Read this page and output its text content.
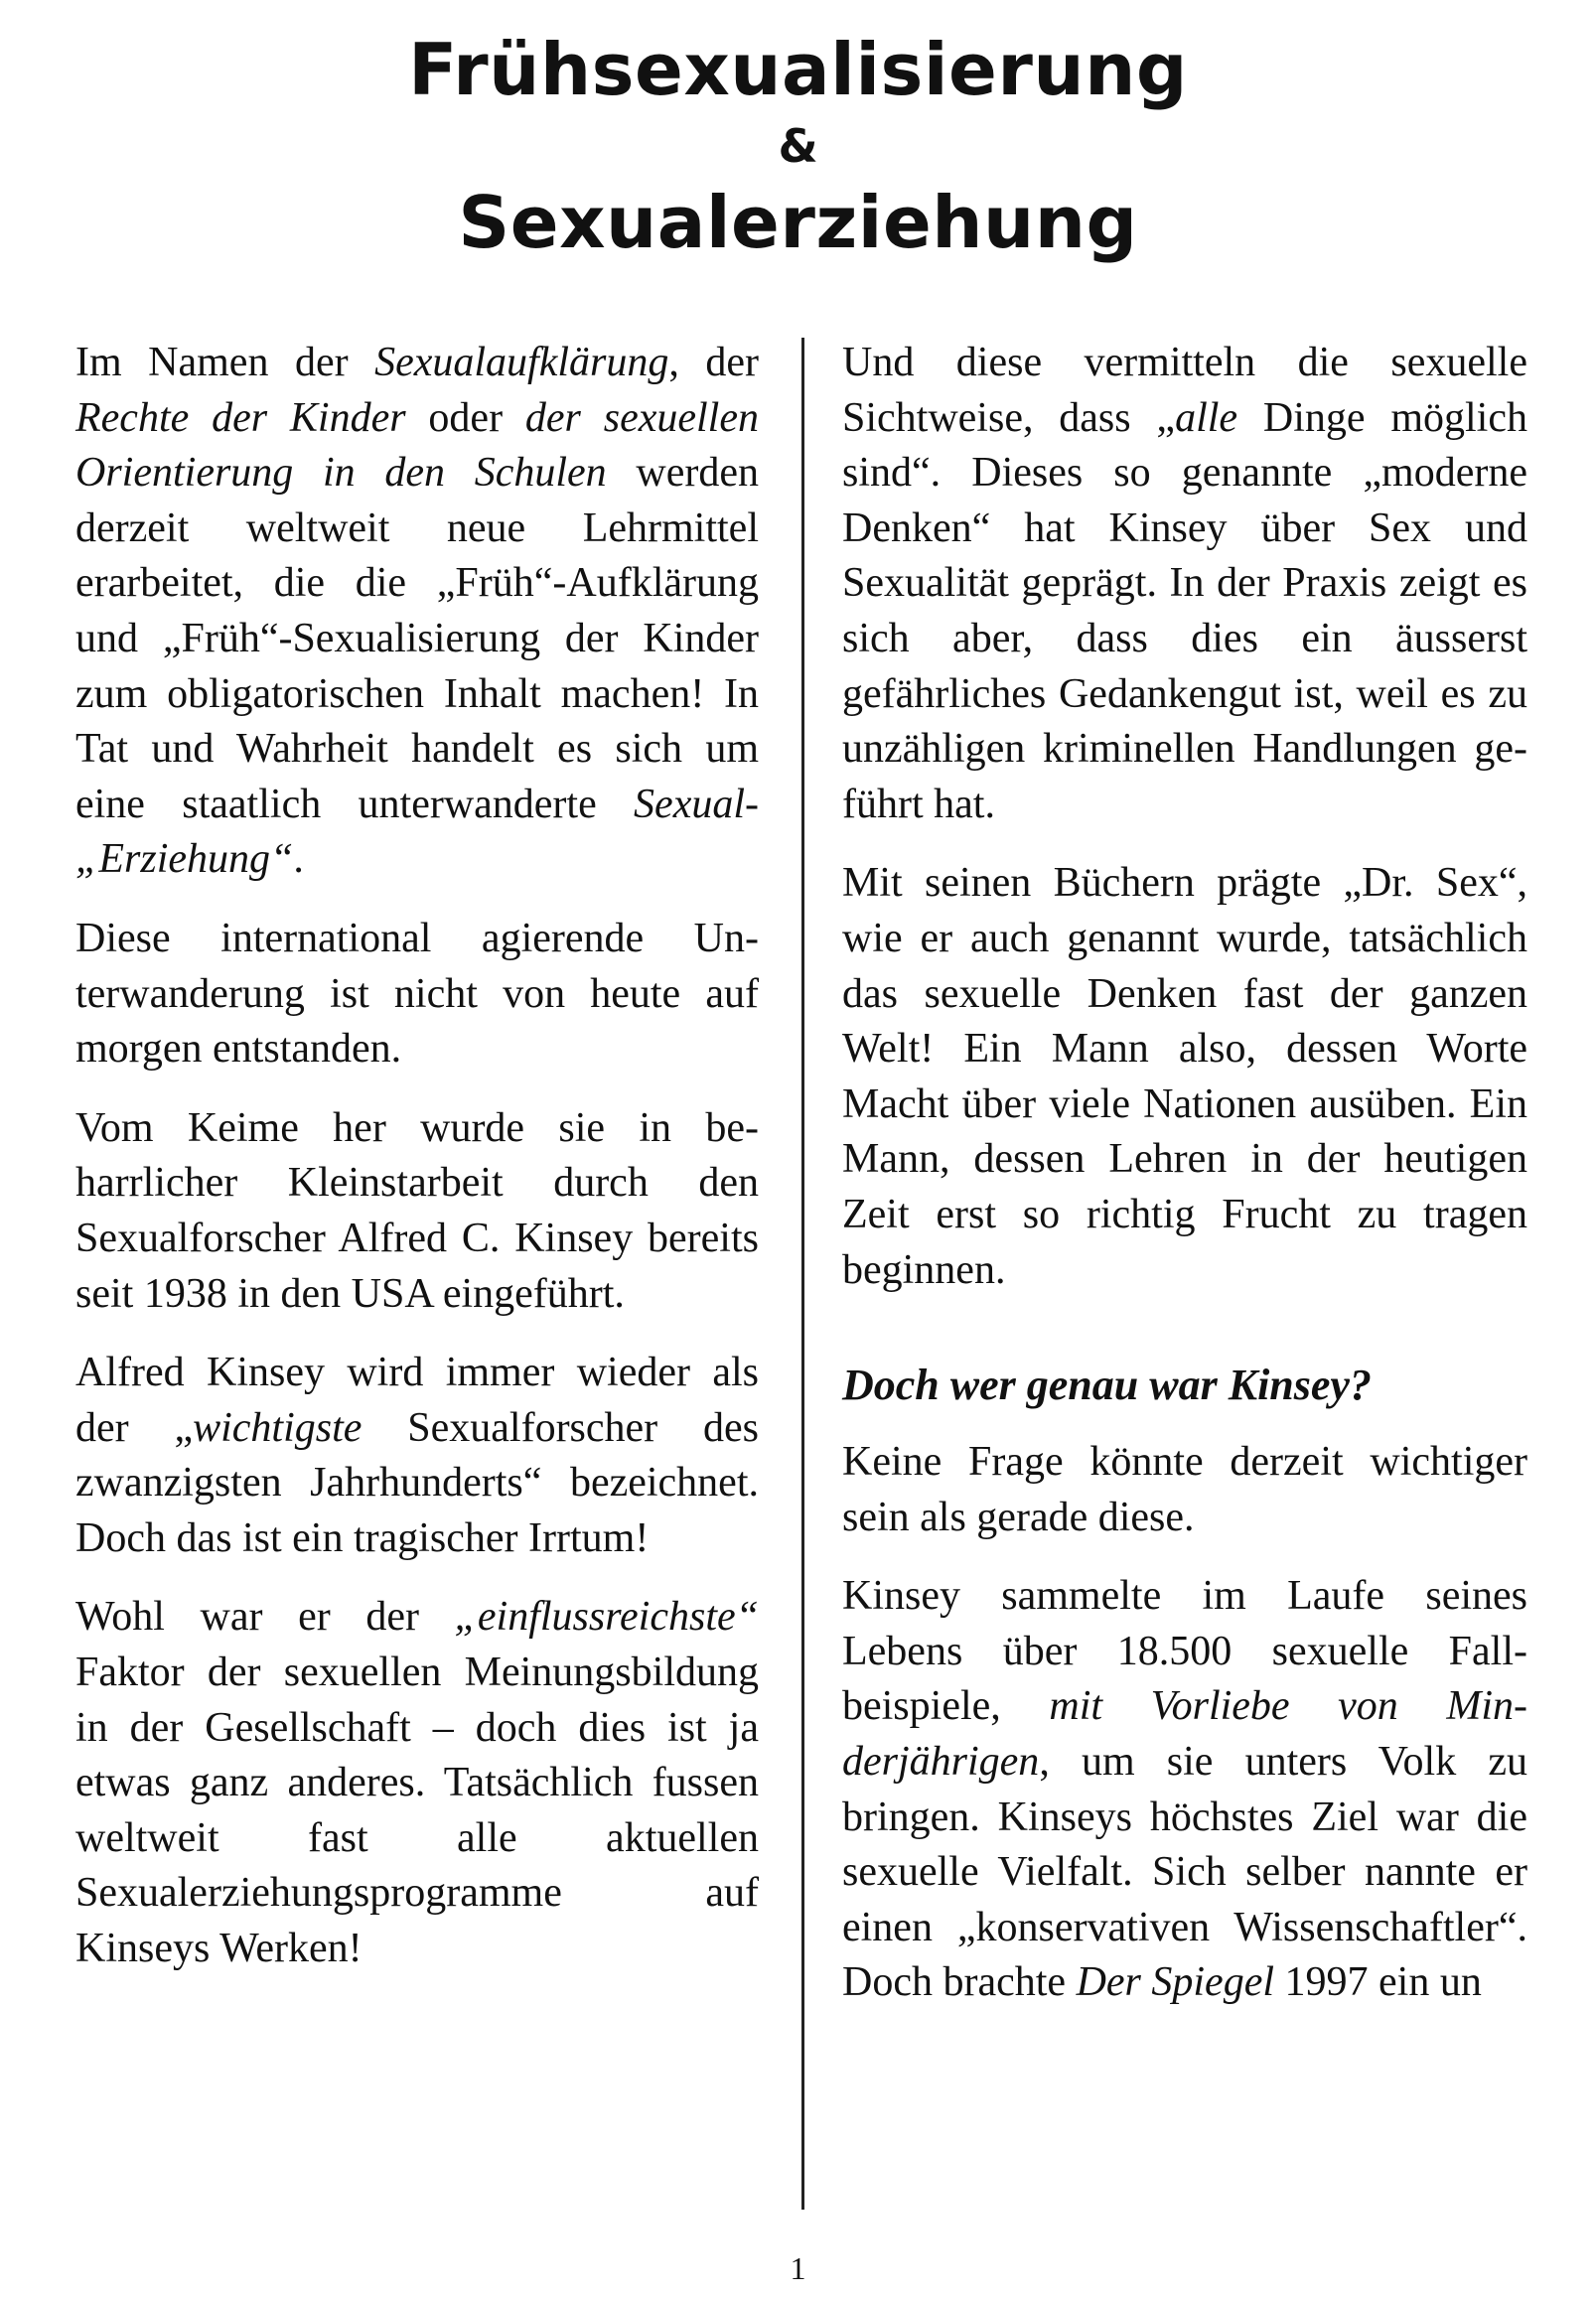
Frühsexualisierung
&
Sexualerziehung

Im Namen der Sexualaufklärung, der Rechte der Kinder oder der sexuellen Orientierung in den Schulen werden derzeit weltweit neue Lehrmittel erarbeitet, die die „Früh“-Aufklärung und „Früh“-Sexualisierung der Kinder zum obligatorischen Inhalt machen! In Tat und Wahrheit handelt es sich um eine staatlich unterwanderte Sexual-„Erziehung“.

Diese international agierende Unterwanderung ist nicht von heute auf morgen entstanden.

Vom Keime her wurde sie in beharrlicher Kleinstarbeit durch den Sexualforscher Alfred C. Kinsey bereits seit 1938 in den USA eingeführt.

Alfred Kinsey wird immer wieder als der „wichtigste Sexualforscher des zwanzigsten Jahrhunderts“ bezeichnet. Doch das ist ein tragischer Irrtum!

Wohl war er der „einflussreichste“ Faktor der sexuellen Meinungsbildung in der Gesellschaft – doch dies ist ja etwas ganz anderes. Tatsächlich fussen weltweit fast alle aktuellen Sexualerziehungsprogramme auf Kinseys Werken!

Und diese vermitteln die sexuelle Sichtweise, dass „alle Dinge möglich sind“. Dieses so genannte „moderne Denken“ hat Kinsey über Sex und Sexualität geprägt. In der Praxis zeigt es sich aber, dass dies ein äusserst gefährliches Gedankengut ist, weil es zu unzähligen kriminellen Handlungen geführt hat.

Mit seinen Büchern prägte „Dr. Sex“, wie er auch genannt wurde, tatsächlich das sexuelle Denken fast der ganzen Welt! Ein Mann also, dessen Worte Macht über viele Nationen ausüben. Ein Mann, dessen Lehren in der heutigen Zeit erst so richtig Frucht zu tragen beginnen.

Doch wer genau war Kinsey?

Keine Frage könnte derzeit wichtiger sein als gerade diese.

Kinsey sammelte im Laufe seines Lebens über 18.500 sexuelle Fallbeispiele, mit Vorliebe von Minderjährigen, um sie unters Volk zu bringen. Kinseys höchstes Ziel war die sexuelle Vielfalt. Sich selber nannte er einen „konservativen Wissenschaftler“. Doch brachte Der Spiegel 1997 ein un

1
